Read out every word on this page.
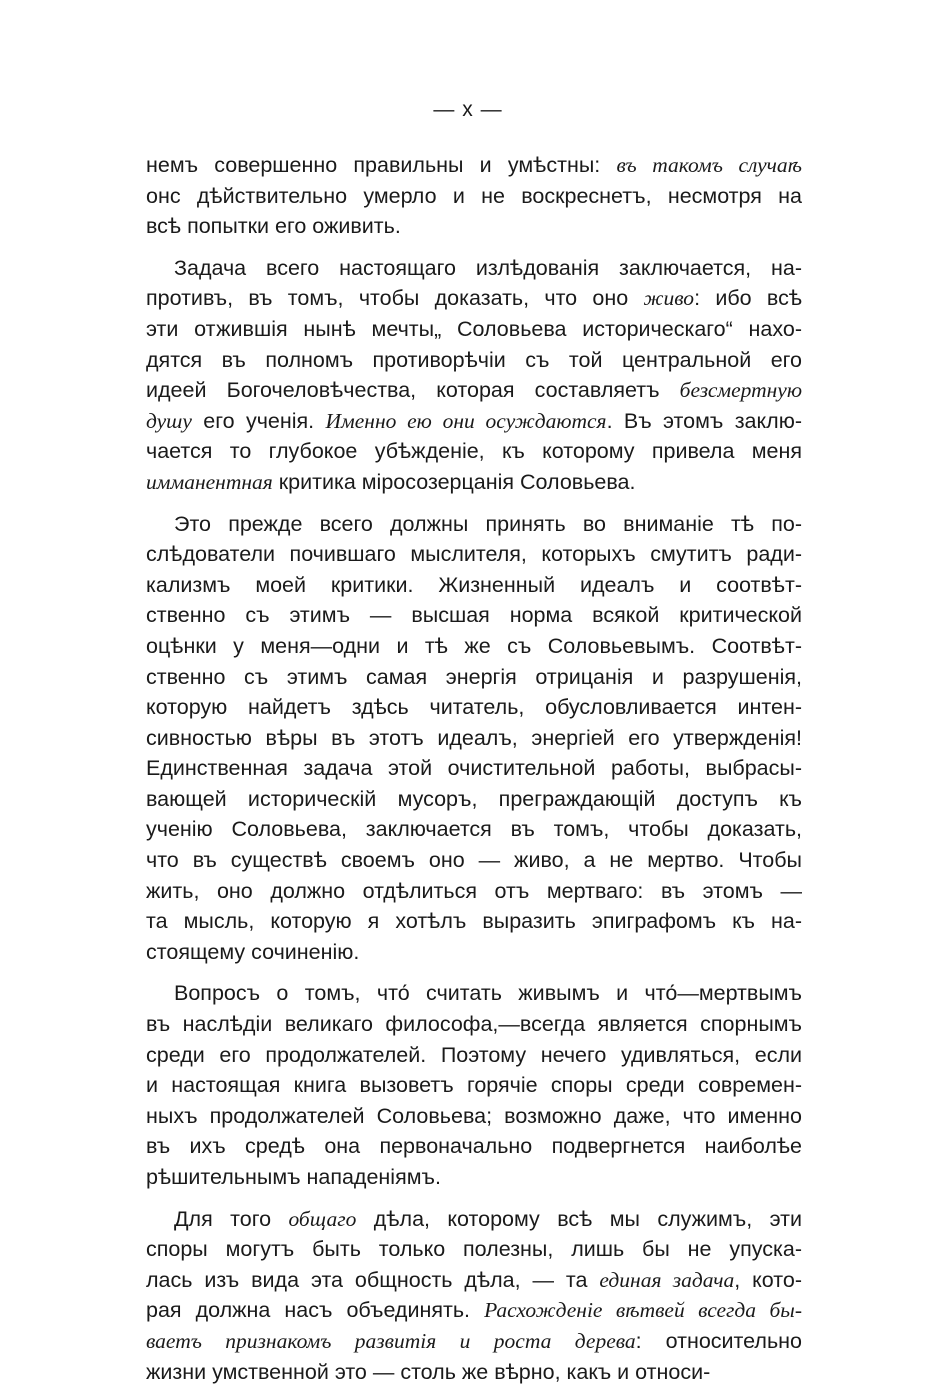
— x —
немъ совершенно правильны и умѣстны: въ такомъ случаѣ
онс дѣйствительно умерло и не воскреснетъ, несмотря на
всѣ попытки его оживить.
Задача всего настоящаго излѣдованія заключается, на-
противъ, въ томъ, чтобы доказать, что оно живо: ибо всѣ
эти отжившія нынѣ мечты„ Соловьева историческаго“ нахо-
дятся въ полномъ противорѣчіи съ той центральной его
идеей Богочеловѣчества, которая составляетъ безсмертную
душу его ученія. Именно ею они осуждаются. Въ этомъ заклю-
чается то глубокое убѣжденіе, къ которому привела меня
имманентная критика міросозерцанія Соловьева.
Это прежде всего должны принять во вниманіе тѣ по-
слѣдователи почившаго мыслителя, которыхъ смутитъ ради-
кализмъ моей критики. Жизненный идеалъ и соотвѣт-
ственно съ этимъ — высшая норма всякой критической
оцѣнки у меня—одни и тѣ же съ Соловьевымъ. Соотвѣт-
ственно съ этимъ самая энергія отрицанія и разрушенія,
которую найдетъ здѣсь читатель, обусловливается интен-
сивностью вѣры въ этотъ идеалъ, энергіей его утвержденія!
Единственная задача этой очистительной работы, выбрасы-
вающей историческій мусоръ, преграждающій доступъ къ
ученію Соловьева, заключается въ томъ, чтобы доказать,
что въ существѣ своемъ оно — живо, а не мертво. Чтобы
жить, оно должно отдѣлиться отъ мертваго: въ этомъ —
та мысль, которую я хотѣлъ выразить эпиграфомъ къ на-
стоящему сочиненію.
Вопросъ о томъ, что́ считать живымъ и что́—мертвымъ
въ наслѣдіи великаго философа,—всегда является спорнымъ
среди его продолжателей. Поэтому нечего удивляться, если
и настоящая книга вызоветъ горячіе споры среди современ-
ныхъ продолжателей Соловьева; возможно даже, что именно
въ ихъ средѣ она первоначально подвергнется наиболѣе
рѣшительнымъ нападеніямъ.
Для того общаго дѣла, которому всѣ мы служимъ, эти
споры могутъ быть только полезны, лишь бы не упуска-
лась изъ вида эта общность дѣла, — та единая задача, кото-
рая должна насъ объединять. Расхожденіе вѣтвей всегда бы-
ваетъ признакомъ развитія и роста дерева: относительно
жизни умственной это — столь же вѣрно, какъ и относи-
